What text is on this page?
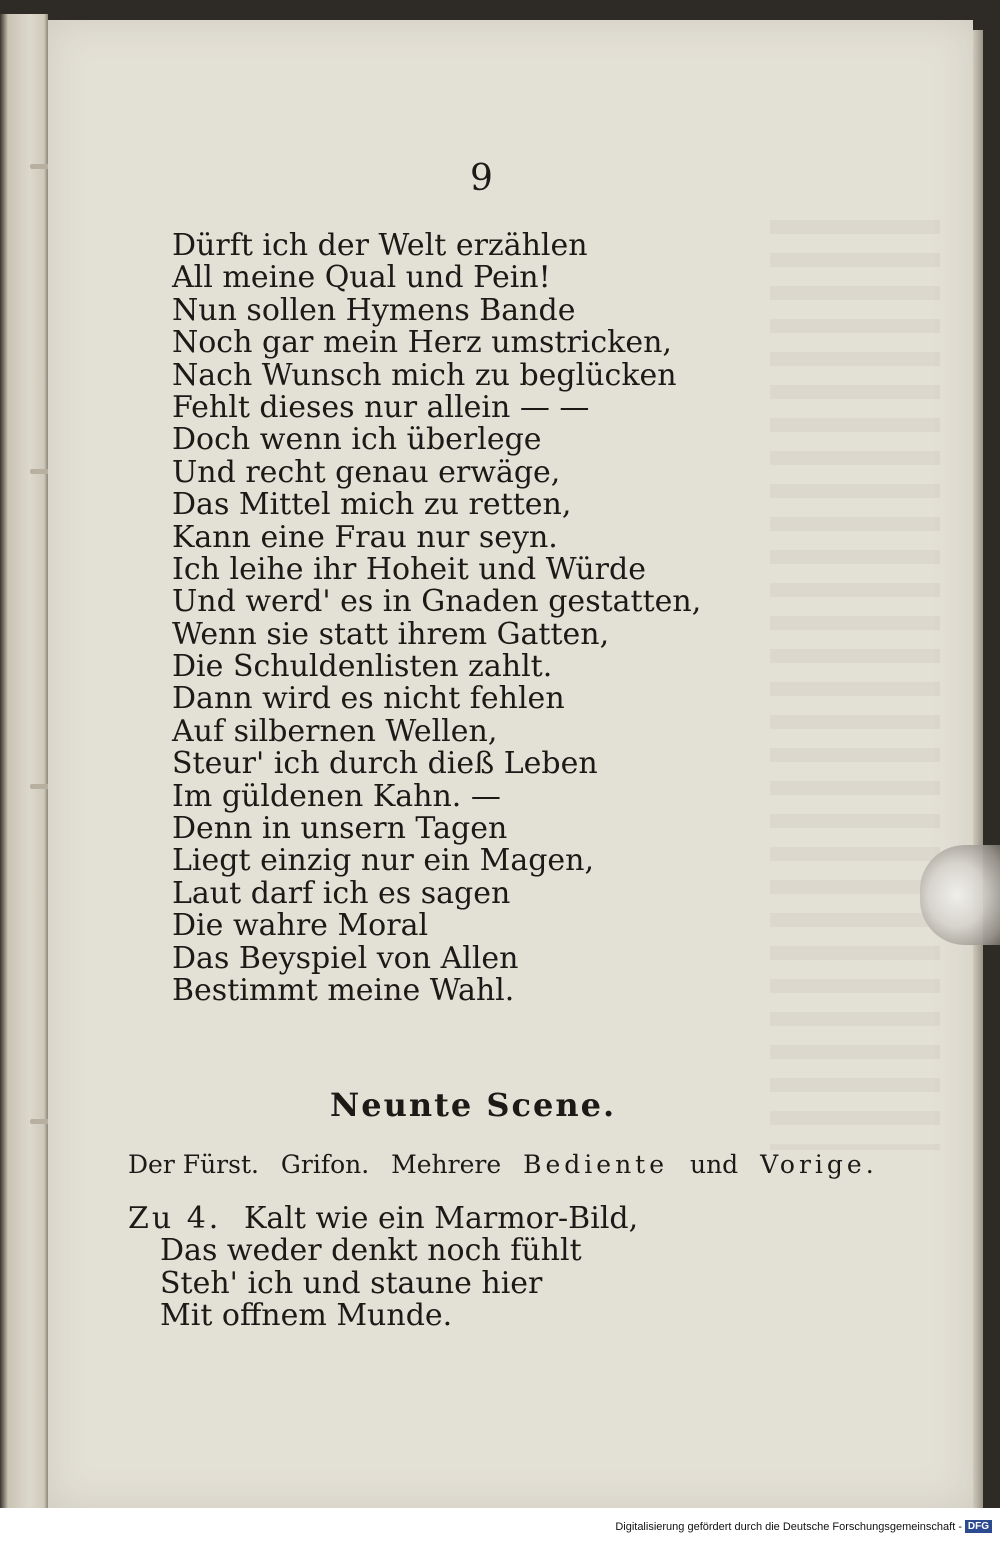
9
Dürft ich der Welt erzählen
All meine Qual und Pein!
Nun sollen Hymens Bande
Noch gar mein Herz umstricken,
Nach Wunsch mich zu beglücken
Fehlt dieses nur allein — —
Doch wenn ich überlege
Und recht genau erwäge,
Das Mittel mich zu retten,
Kann eine Frau nur seyn.
Ich leihe ihr Hoheit und Würde
Und werd' es in Gnaden gestatten,
Wenn sie statt ihrem Gatten,
Die Schuldenlisten zahlt.
Dann wird es nicht fehlen
Auf silbernen Wellen,
Steur' ich durch dieß Leben
Im güldenen Kahn. —
Denn in unsern Tagen
Liegt einzig nur ein Magen,
Laut darf ich es sagen
Die wahre Moral
Das Beyspiel von Allen
Bestimmt meine Wahl.
Neunte Scene.
Der Fürst. Grifon. Mehrere Bediente und Vorige.
Zu 4. Kalt wie ein Marmor-Bild,
Das weder denkt noch fühlt
Steh' ich und staune hier
Mit offnem Munde.
Digitalisierung gefördert durch die Deutsche Forschungsgemeinschaft - DFG
